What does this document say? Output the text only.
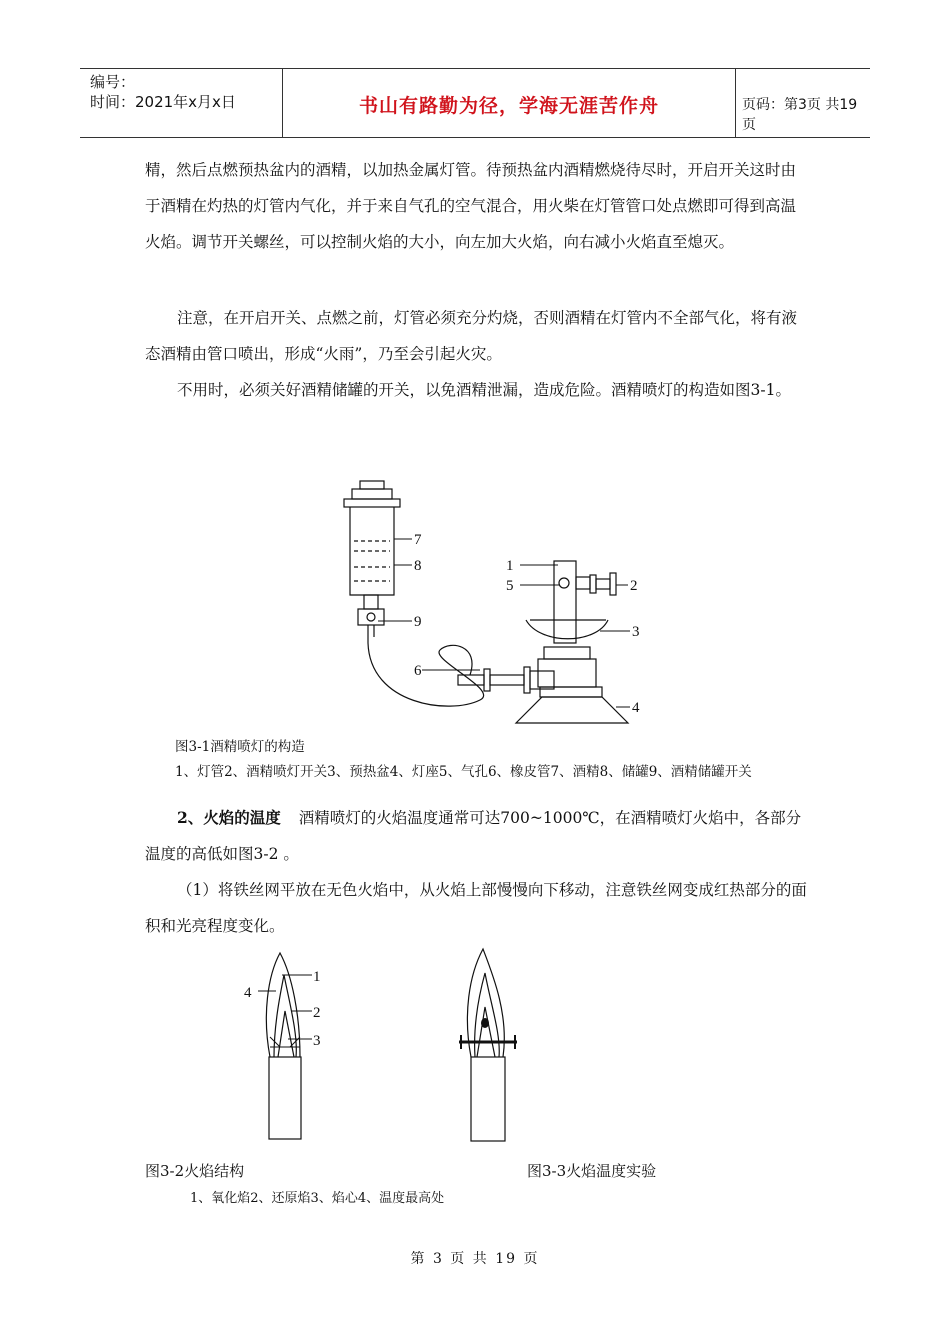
编号：
时间：2021年x月x日	书山有路勤为径，学海无涯苦作舟	页码：第3页 共19页
精，然后点燃预热盆内的酒精，以加热金属灯管。待预热盆内酒精燃烧待尽时，开启开关这时由于酒精在灼热的灯管内气化，并于来自气孔的空气混合，用火柴在灯管管口处点燃即可得到高温火焰。调节开关螺丝，可以控制火焰的大小，向左加大火焰，向右减小火焰直至熄灭。
注意，在开启开关、点燃之前，灯管必须充分灼烧，否则酒精在灯管内不全部气化，将有液态酒精由管口喷出，形成“火雨”，乃至会引起火灾。
不用时，必须关好酒精储罐的开关，以免酒精泄漏，造成危险。酒精喷灯的构造如图3-1。
1
5	2
3
4
6
7
8
9
图3-1酒精喷灯的构造
1、灯管2、酒精喷灯开关3、预热盆4、灯座5、气孔6、橡皮管7、酒精8、储罐9、酒精储罐开关
2、火焰的温度 酒精喷灯的火焰温度通常可达700~1000℃，在酒精喷灯火焰中，各部分温度的高低如图3-2 。
（1）将铁丝网平放在无色火焰中，从火焰上部慢慢向下移动，注意铁丝网变成红热部分的面积和光亮程度变化。
1
2
3
4
图3-2火焰结构	图3-3火焰温度实验
1、氧化焰2、还原焰3、焰心4、温度最高处
第 3 页 共 19 页
